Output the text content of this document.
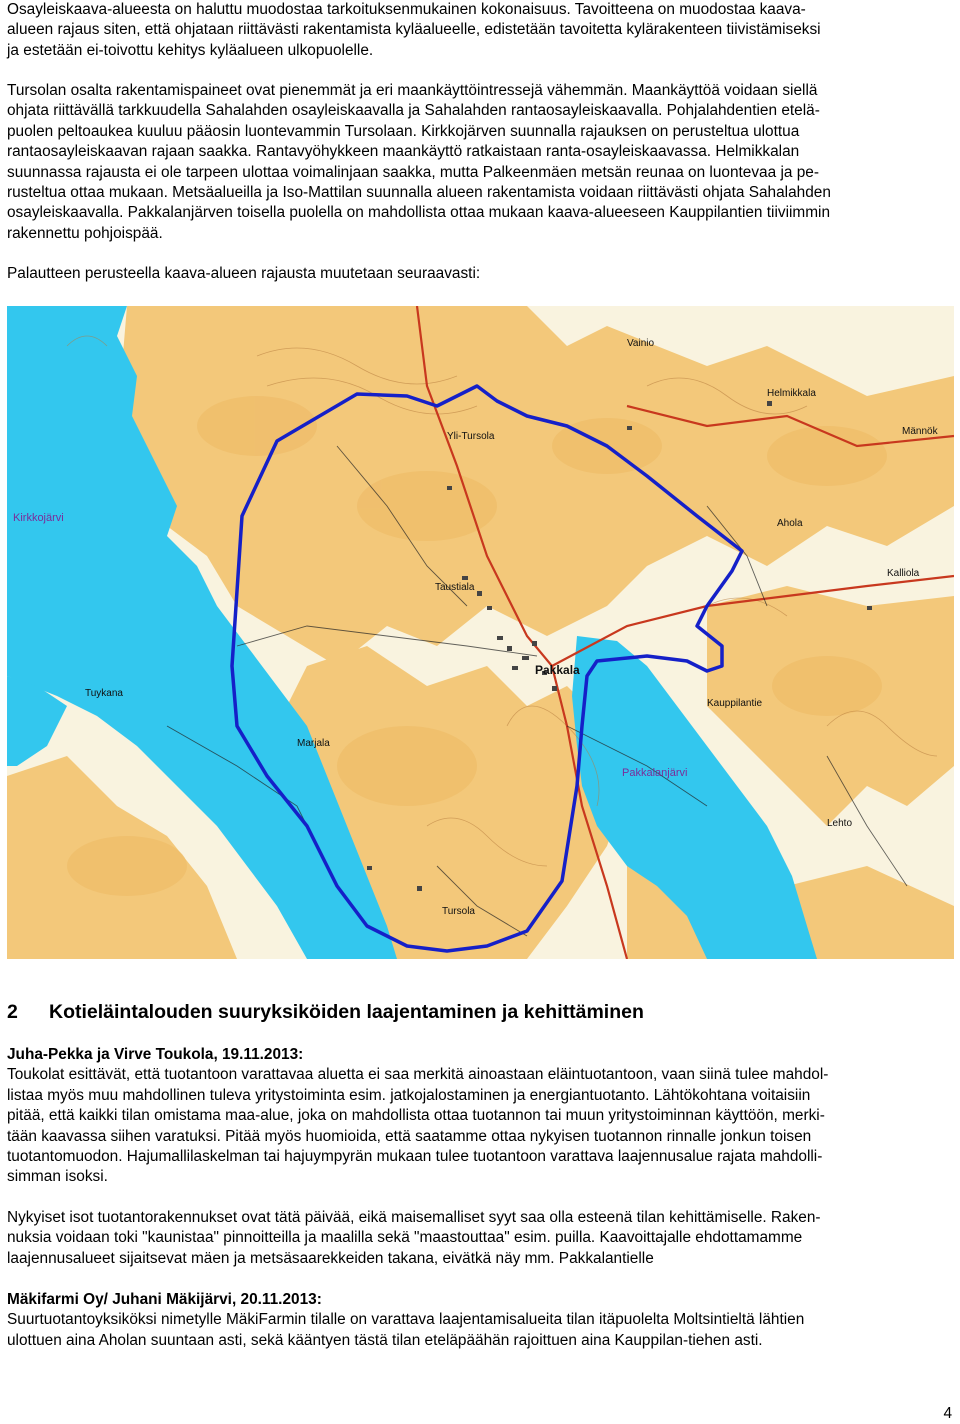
Osayleiskaava-alueesta on haluttu muodostaa tarkoituksenmukainen kokonaisuus. Tavoitteena on muodostaa kaava-
alueen rajaus siten, että ohjataan riittävästi rakentamista kyläalueelle, edistetään tavoitetta kylärakenteen tiivistämiseksi
ja estetään ei-toivottu kehitys kyläalueen ulkopuolelle.
Tursolan osalta rakentamispaineet ovat pienemmät ja eri maankäyttöintressejä vähemmän. Maankäyttöä voidaan siellä
ohjata riittävällä tarkkuudella Sahalahden osayleiskaavalla ja Sahalahden rantaosayleiskaavalla. Pohjalahdentien etelä-
puolen peltoaukea kuuluu pääosin luontevammin Tursolaan. Kirkkojärven suunnalla rajauksen on perusteltua ulottua
rantaosayleiskaavan rajaan saakka. Rantavyöhykkeen maankäyttö ratkaistaan ranta-osayleiskaavassa. Helmikkalan
suunnassa rajausta ei ole tarpeen ulottaa voimalinjaan saakka, mutta Palkeenmäen metsän reunaa on luontevaa ja pe-
rusteltua ottaa mukaan. Metsäalueilla ja Iso-Mattilan suunnalla alueen rakentamista voidaan riittävästi ohjata Sahalahden
osayleiskaavalla. Pakkalanjärven toisella puolella on mahdollista ottaa mukaan kaava-alueeseen Kauppilantien tiiviimmin
rakennettu pohjoispää.
Palautteen perusteella kaava-alueen rajausta muutetaan seuraavasti:
Kirkkojärvi
Pakkalanjärvi
Pakkala
Tuykana
Taustiala
Tursola
Yli-Tursola	Männök
Kauppilantie
Kalliola
Helmikkala
Ahola
Marjala
Vainio
Lehto
2 Kotieläintalouden suuryksiköiden laajentaminen ja kehittäminen
Juha-Pekka ja Virve Toukola, 19.11.2013:
Toukolat esittävät, että tuotantoon varattavaa aluetta ei saa merkitä ainoastaan eläintuotantoon, vaan siinä tulee mahdol-
listaa myös muu mahdollinen tuleva yritystoiminta esim. jatkojalostaminen ja energiantuotanto. Lähtökohtana voitaisiin
pitää, että kaikki tilan omistama maa-alue, joka on mahdollista ottaa tuotannon tai muun yritystoiminnan käyttöön, merki-
tään kaavassa siihen varatuksi. Pitää myös huomioida, että saatamme ottaa nykyisen tuotannon rinnalle jonkun toisen
tuotantomuodon. Hajumallilaskelman tai hajuympyrän mukaan tulee tuotantoon varattava laajennusalue rajata mahdolli-
simman isoksi.
Nykyiset isot tuotantorakennukset ovat tätä päivää, eikä maisemalliset syyt saa olla esteenä tilan kehittämiselle. Raken-
nuksia voidaan toki "kaunistaa" pinnoitteilla ja maalilla sekä "maastouttaa" esim. puilla. Kaavoittajalle ehdottamamme
laajennusalueet sijaitsevat mäen ja metsäsaarekkeiden takana, eivätkä näy mm. Pakkalantielle
Mäkifarmi Oy/ Juhani Mäkijärvi, 20.11.2013:
Suurtuotantoyksiköksi nimetylle MäkiFarmin tilalle on varattava laajentamisalueita tilan itäpuolelta Moltsintieltä lähtien
ulottuen aina Aholan suuntaan asti, sekä kääntyen tästä tilan eteläpäähän rajoittuen aina Kauppilan-tiehen asti.
4
